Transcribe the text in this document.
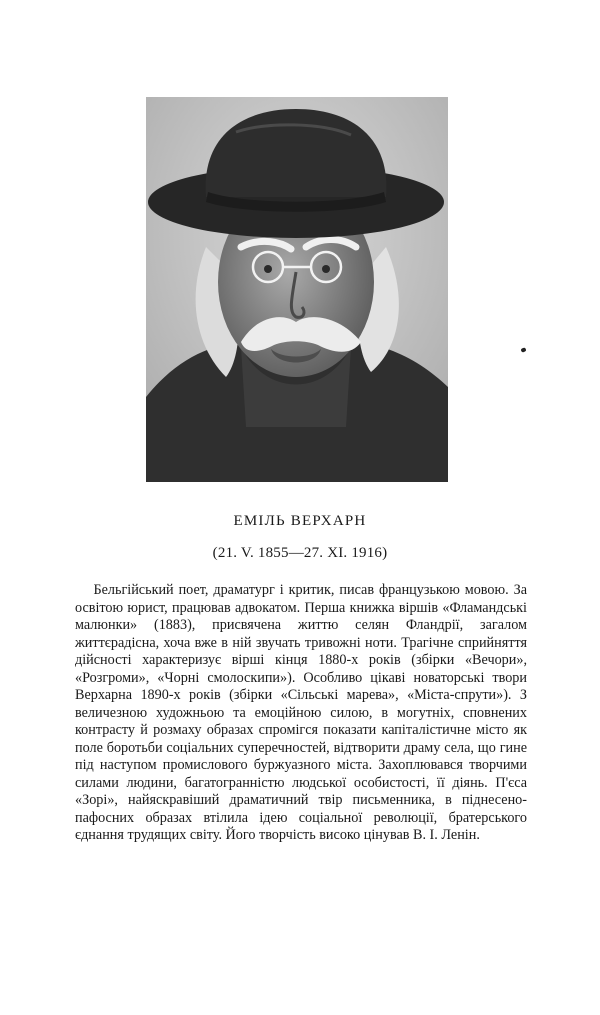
ЕМІЛЬ ВЕРХАРН
(21. V. 1855—27. XI. 1916)

Бельгійський поет, драматург і критик, писав французькою мовою. За освітою юрист, працював адвокатом. Перша книжка віршів «Фламандські малюнки» (1883), присвячена життю селян Фландрії, загалом життєрадісна, хоча вже в ній звучать тривожні ноти. Трагічне сприйняття дійсності характеризує вірші кінця 1880-х років (збірки «Вечори», «Розгроми», «Чорні смолоскипи»). Особливо цікаві новаторські твори Верхарна 1890-х років (збірки «Сільські марева», «Міста-спрути»). З величезною художньою та емоційною силою, в могутніх, сповнених контрасту й розмаху образах спромігся показати капіталістичне місто як поле боротьби соціальних суперечностей, відтворити драму села, що гине під наступом промислового буржуазного міста. Захоплювався творчими силами людини, багатогранністю людської особистості, її діянь. П'єса «Зорі», найяскравіший драматичний твір письменника, в піднесено-пафосних образах втілила ідею соціальної революції, братерського єднання трудящих світу. Його творчість високо цінував В. І. Ленін.
